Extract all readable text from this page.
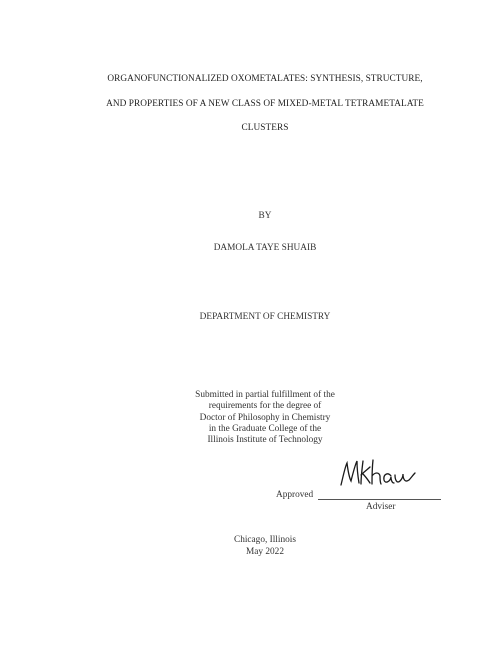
ORGANOFUNCTIONALIZED OXOMETALATES: SYNTHESIS, STRUCTURE,
AND PROPERTIES OF A NEW CLASS OF MIXED-METAL TETRAMETALATE
CLUSTERS
BY
DAMOLA TAYE SHUAIB
DEPARTMENT OF CHEMISTRY
Submitted in partial fulfillment of the
requirements for the degree of
Doctor of Philosophy in Chemistry
in the Graduate College of the
Illinois Institute of Technology
Approved
Adviser
Chicago, Illinois
May 2022
